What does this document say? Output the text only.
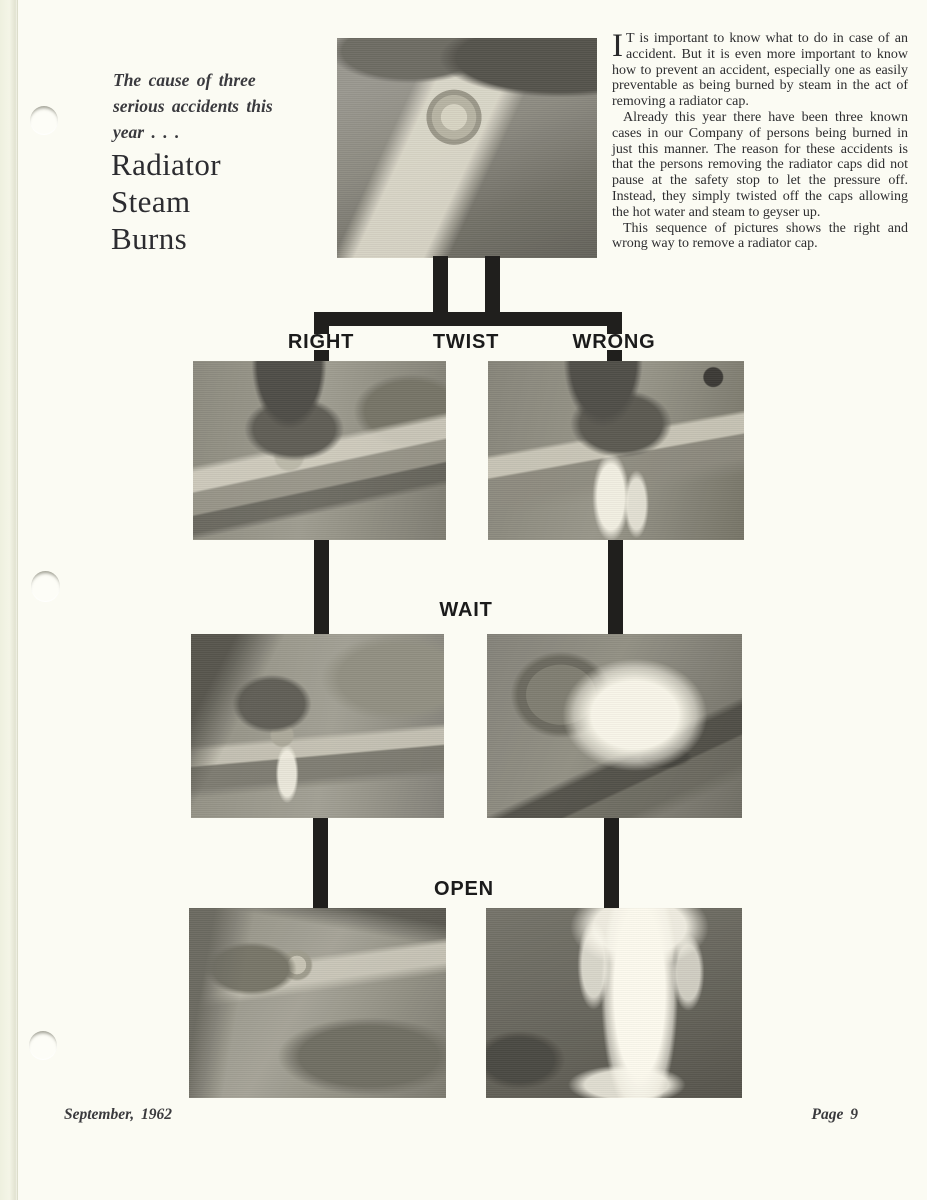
The cause of three
serious accidents this
year . . .
Radiator
Steam
Burns

I T is important to know what to do in case of an accident. But it is even more important to know how to prevent an accident, especially one as easily preventable as being burned by steam in the act of removing a radiator cap.

Already this year there have been three known cases in our Company of persons being burned in just this manner. The reason for these accidents is that the persons removing the radiator caps did not pause at the safety stop to let the pressure off. Instead, they simply twisted off the caps allowing the hot water and steam to geyser up.

This sequence of pictures shows the right and wrong way to remove a radiator cap.

RIGHT	TWIST	WRONG
WAIT
OPEN
September, 1962	Page 9
